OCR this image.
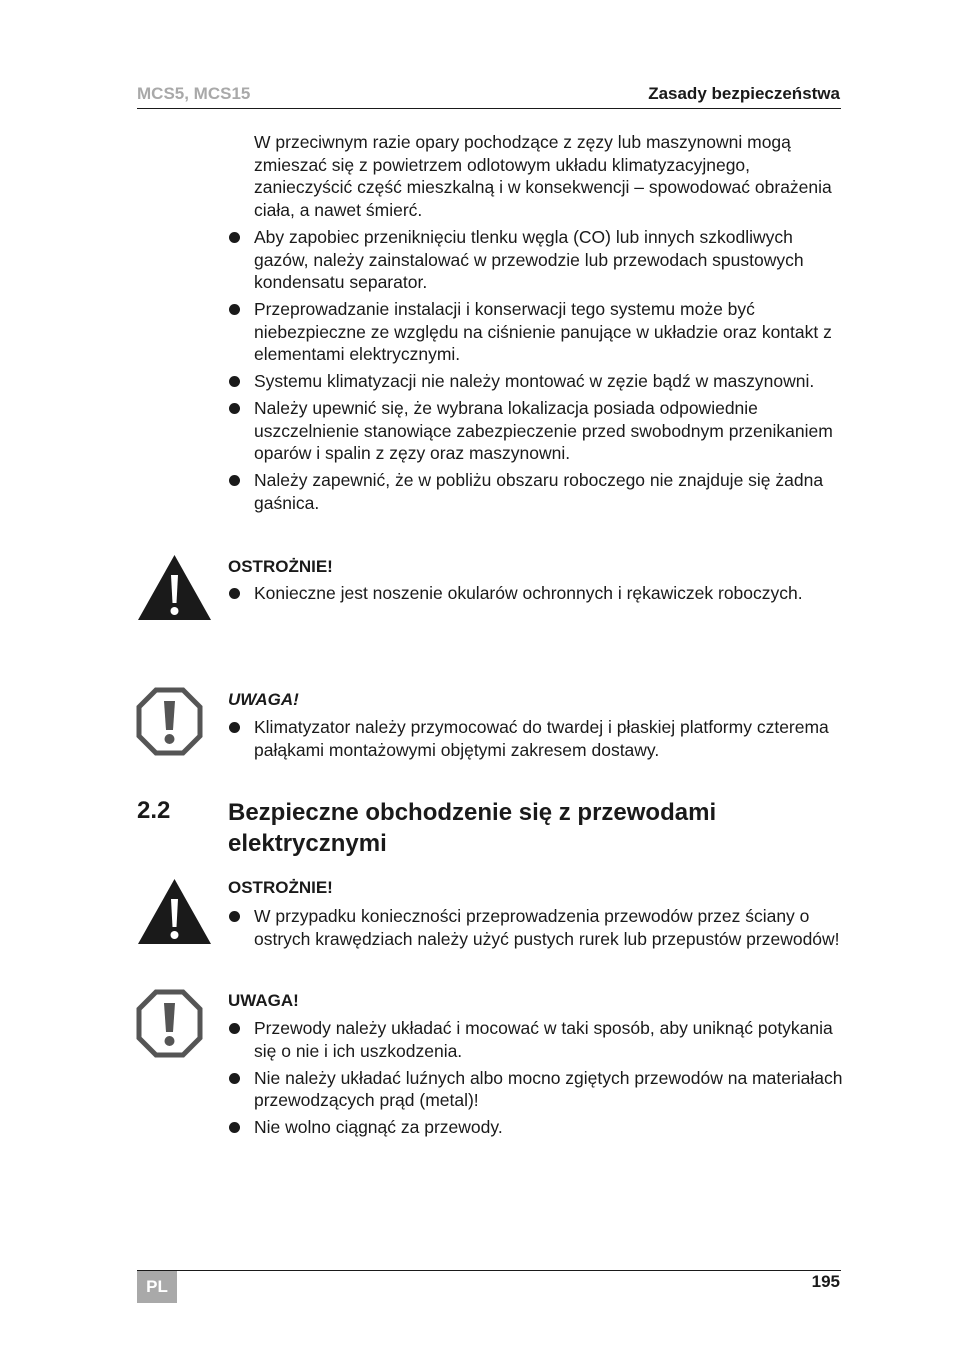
MCS5, MCS15	Zasady bezpieczeństwa

W przeciwnym razie opary pochodzące z zęzy lub maszynowni mogą zmieszać się z powietrzem odlotowym układu klimatyzacyjnego, zanieczyścić część mieszkalną i w konsekwencji – spowodować obrażenia ciała, a nawet śmierć.

Aby zapobiec przeniknięciu tlenku węgla (CO) lub innych szkodliwych gazów, należy zainstalować w przewodzie lub przewodach spustowych kondensatu separator.
Przeprowadzanie instalacji i konserwacji tego systemu może być niebezpieczne ze względu na ciśnienie panujące w układzie oraz kontakt z elementami elektrycznymi.
Systemu klimatyzacji nie należy montować w zęzie bądź w maszynowni.
Należy upewnić się, że wybrana lokalizacja posiada odpowiednie uszczelnienie stanowiące zabezpieczenie przed swobodnym przenikaniem oparów i spalin z zęzy oraz maszynowni.
Należy zapewnić, że w pobliżu obszaru roboczego nie znajduje się żadna gaśnica.
OSTROŻNIE!
Konieczne jest noszenie okularów ochronnych i rękawiczek roboczych.
UWAGA!
Klimatyzator należy przymocować do twardej i płaskiej platformy czterema pałąkami montażowymi objętymi zakresem dostawy.
2.2 Bezpieczne obchodzenie się z przewodami elektrycznymi
OSTROŻNIE!
W przypadku konieczności przeprowadzenia przewodów przez ściany o ostrych krawędziach należy użyć pustych rurek lub przepustów przewodów!
UWAGA!
Przewody należy układać i mocować w taki sposób, aby uniknąć potykania się o nie i ich uszkodzenia.
Nie należy układać luźnych albo mocno zgiętych przewodów na materiałach przewodzących prąd (metal)!
Nie wolno ciągnąć za przewody.
PL	195
